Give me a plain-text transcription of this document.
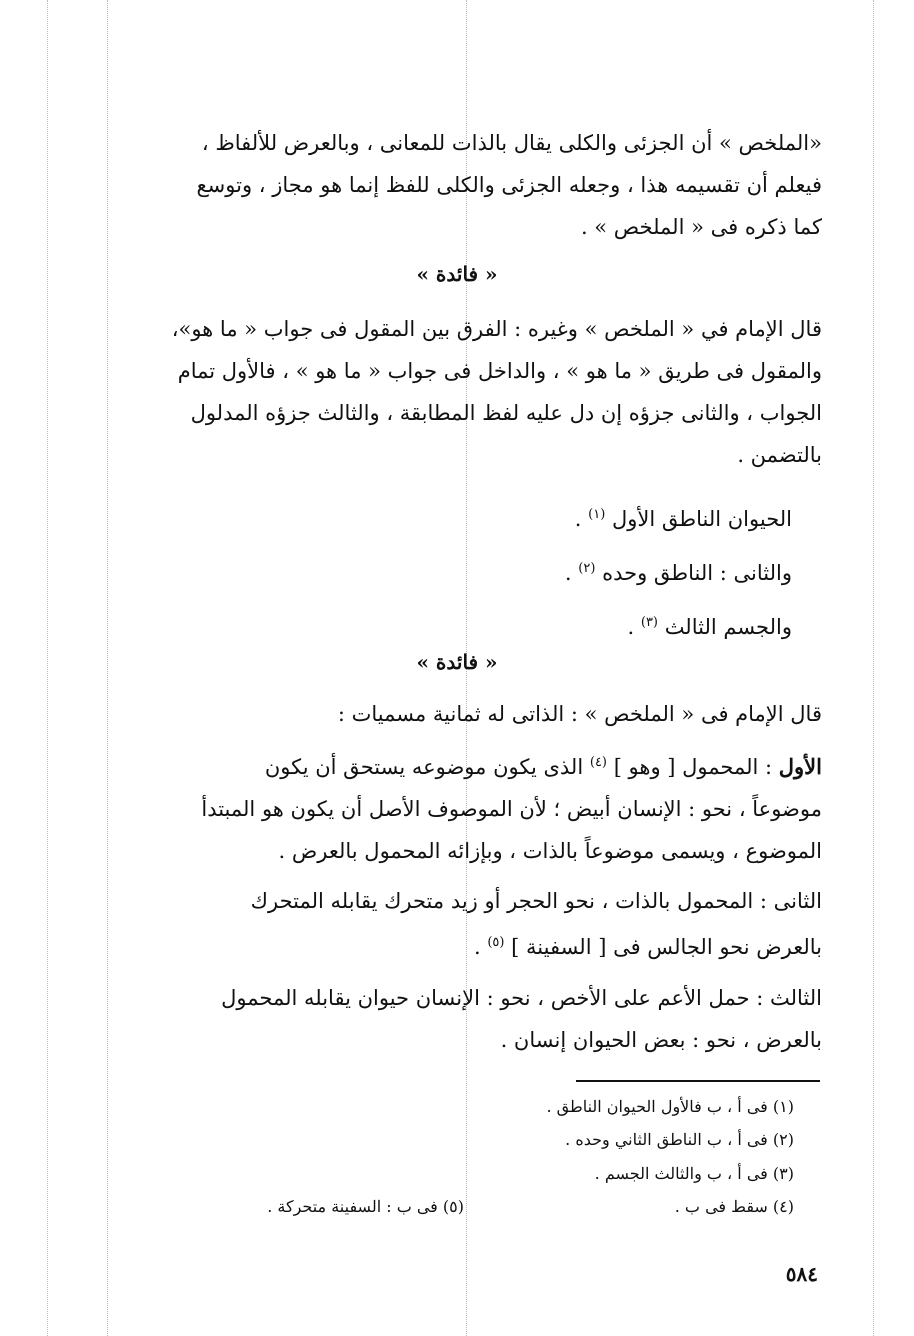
«الملخص » أن الجزئى والكلى يقال بالذات للمعانى ، وبالعرض للألفاظ ،
فيعلم أن تقسيمه هذا ، وجعله الجزئى والكلى للفظ إنما هو مجاز ، وتوسع
كما ذكره فى « الملخص » .
« فائدة »
قال الإمام في « الملخص » وغيره : الفرق بين المقول فى جواب « ما هو»،
والمقول فى طريق « ما هو » ، والداخل فى جواب « ما هو » ، فالأول تمام
الجواب ، والثانى جزؤه إن دل عليه لفظ المطابقة ، والثالث جزؤه المدلول
بالتضمن .
الحيوان الناطق الأول $^{(١)}$ .
والثانى : الناطق وحده $^{(٢)}$ .
والجسم الثالث $^{(٣)}$ .
« فائدة »
قال الإمام فى « الملخص » : الذاتى له ثمانية مسميات :
الأول : المحمول [ وهو ] $^{(٤)}$ الذى يكون موضوعه يستحق أن يكون
موضوعاً ، نحو : الإنسان أبيض ؛ لأن الموصوف الأصل أن يكون هو المبتدأ
الموضوع ، ويسمى موضوعاً بالذات ، وبإزائه المحمول بالعرض .
الثانى : المحمول بالذات ، نحو الحجر أو زيد متحرك يقابله المتحرك
بالعرض نحو الجالس فى [ السفينة ] $^{(٥)}$ .
الثالث : حمل الأعم على الأخص ، نحو : الإنسان حيوان يقابله المحمول
بالعرض ، نحو : بعض الحيوان إنسان .
(١) فى أ ، ب فالأول الحيوان الناطق .
(٢) فى أ ، ب الناطق الثاني وحده .
(٣) فى أ ، ب والثالث الجسم .
(٤) سقط فى ب .
(٥) فى ب : السفينة متحركة .
٥٨٤
